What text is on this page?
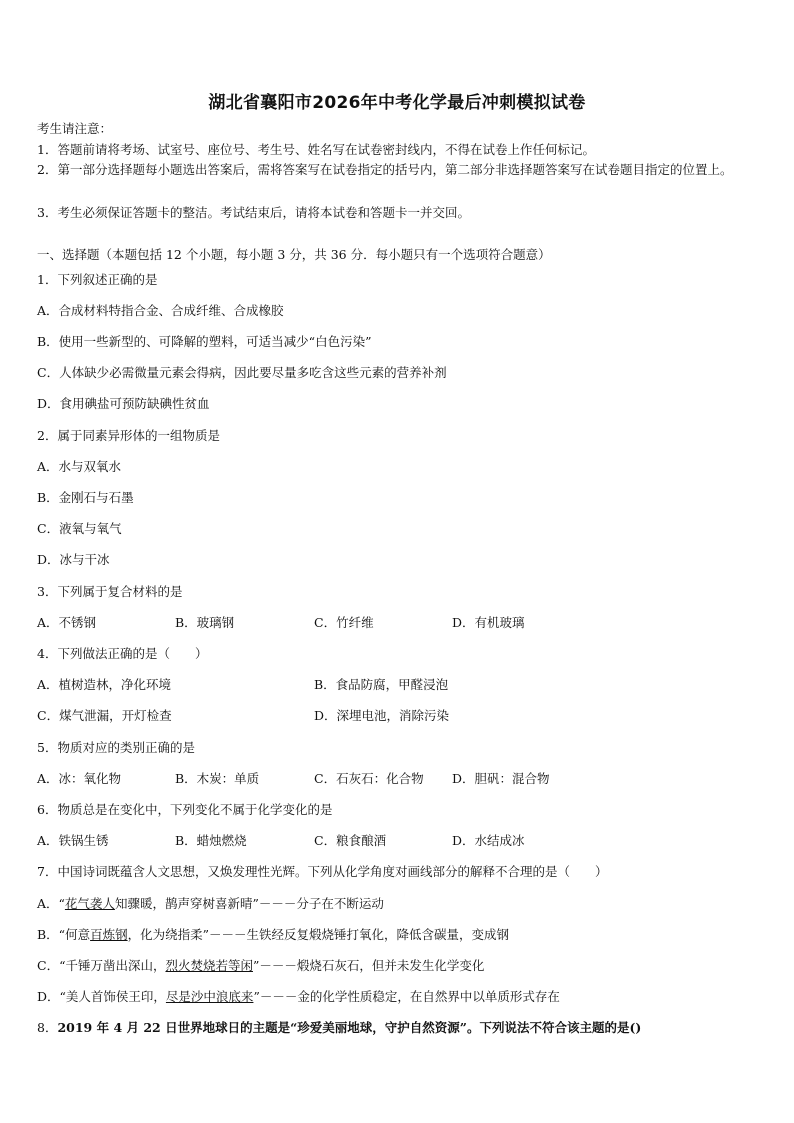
湖北省襄阳市2026年中考化学最后冲刺模拟试卷
考生请注意：
1．答题前请将考场、试室号、座位号、考生号、姓名写在试卷密封线内，不得在试卷上作任何标记。
2．第一部分选择题每小题选出答案后，需将答案写在试卷指定的括号内，第二部分非选择题答案写在试卷题目指定的位置上。
3．考生必须保证答题卡的整洁。考试结束后，请将本试卷和答题卡一并交回。
一、选择题（本题包括 12 个小题，每小题 3 分，共 36 分．每小题只有一个选项符合题意）
1．下列叙述正确的是
A．合成材料特指合金、合成纤维、合成橡胶
B．使用一些新型的、可降解的塑料，可适当减少“白色污染”
C．人体缺少必需微量元素会得病，因此要尽量多吃含这些元素的营养补剂
D．食用碘盐可预防缺碘性贫血
2．属于同素异形体的一组物质是
A．水与双氧水
B．金刚石与石墨
C．液氧与氧气
D．冰与干冰
3．下列属于复合材料的是
A．不锈钢	B．玻璃钢	C．竹纤维	D．有机玻璃
4．下列做法正确的是（　　）
A．植树造林，净化环境	B．食品防腐，甲醛浸泡
C．煤气泄漏，开灯检查	D．深埋电池，消除污染
5．物质对应的类别正确的是
A．冰：氧化物	B．木炭：单质	C．石灰石：化合物 D．胆矾：混合物
6．物质总是在变化中，下列变化不属于化学变化的是
A．铁锅生锈	B．蜡烛燃烧	C．粮食酿酒	D．水结成冰
7．中国诗词既蕴含人文思想，又焕发理性光辉。下列从化学角度对画线部分的解释不合理的是（　　）
A．“花气袭人知骤暖，鹊声穿树喜新晴”－－－分子在不断运动
B．“何意百炼钢，化为绕指柔”－－－生铁经反复煅烧锤打氧化，降低含碳量，变成钢
C．“千锤万凿出深山，烈火焚烧若等闲”－－－煅烧石灰石，但并未发生化学变化
D．“美人首饰侯王印，尽是沙中浪底来”－－－金的化学性质稳定，在自然界中以单质形式存在
8．2019 年 4 月 22 日世界地球日的主题是“珍爱美丽地球，守护自然资源”。下列说法不符合该主题的是()
